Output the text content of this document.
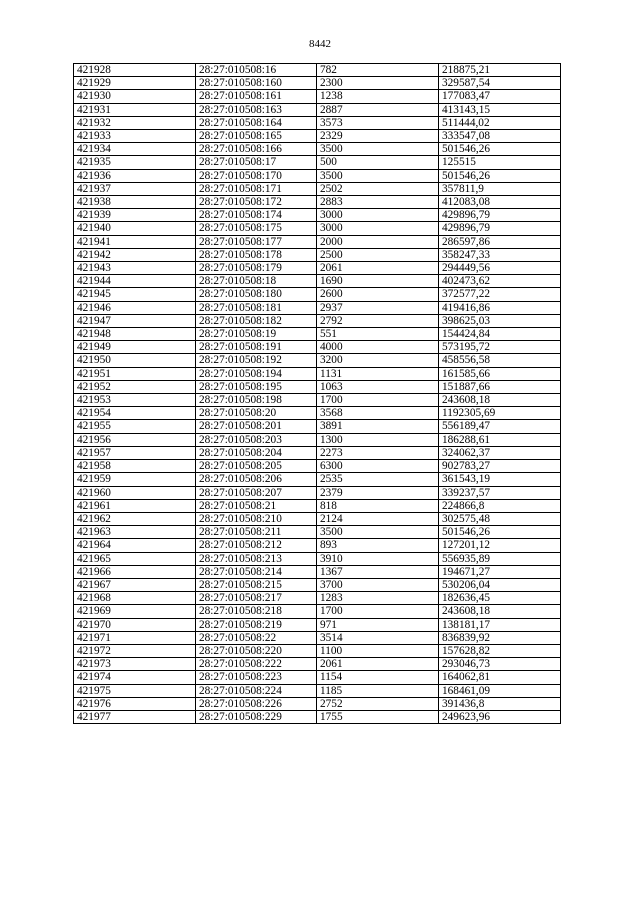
8442
421928	28:27:010508:16	782	218875,21
421929	28:27:010508:160	2300	329587,54
421930	28:27:010508:161	1238	177083,47
421931	28:27:010508:163	2887	413143,15
421932	28:27:010508:164	3573	511444,02
421933	28:27:010508:165	2329	333547,08
421934	28:27:010508:166	3500	501546,26
421935	28:27:010508:17	500	125515
421936	28:27:010508:170	3500	501546,26
421937	28:27:010508:171	2502	357811,9
421938	28:27:010508:172	2883	412083,08
421939	28:27:010508:174	3000	429896,79
421940	28:27:010508:175	3000	429896,79
421941	28:27:010508:177	2000	286597,86
421942	28:27:010508:178	2500	358247,33
421943	28:27:010508:179	2061	294449,56
421944	28:27:010508:18	1690	402473,62
421945	28:27:010508:180	2600	372577,22
421946	28:27:010508:181	2937	419416,86
421947	28:27:010508:182	2792	398625,03
421948	28:27:010508:19	551	154424,84
421949	28:27:010508:191	4000	573195,72
421950	28:27:010508:192	3200	458556,58
421951	28:27:010508:194	1131	161585,66
421952	28:27:010508:195	1063	151887,66
421953	28:27:010508:198	1700	243608,18
421954	28:27:010508:20	3568	1192305,69
421955	28:27:010508:201	3891	556189,47
421956	28:27:010508:203	1300	186288,61
421957	28:27:010508:204	2273	324062,37
421958	28:27:010508:205	6300	902783,27
421959	28:27:010508:206	2535	361543,19
421960	28:27:010508:207	2379	339237,57
421961	28:27:010508:21	818	224866,8
421962	28:27:010508:210	2124	302575,48
421963	28:27:010508:211	3500	501546,26
421964	28:27:010508:212	893	127201,12
421965	28:27:010508:213	3910	556935,89
421966	28:27:010508:214	1367	194671,27
421967	28:27:010508:215	3700	530206,04
421968	28:27:010508:217	1283	182636,45
421969	28:27:010508:218	1700	243608,18
421970	28:27:010508:219	971	138181,17
421971	28:27:010508:22	3514	836839,92
421972	28:27:010508:220	1100	157628,82
421973	28:27:010508:222	2061	293046,73
421974	28:27:010508:223	1154	164062,81
421975	28:27:010508:224	1185	168461,09
421976	28:27:010508:226	2752	391436,8
421977	28:27:010508:229	1755	249623,96
